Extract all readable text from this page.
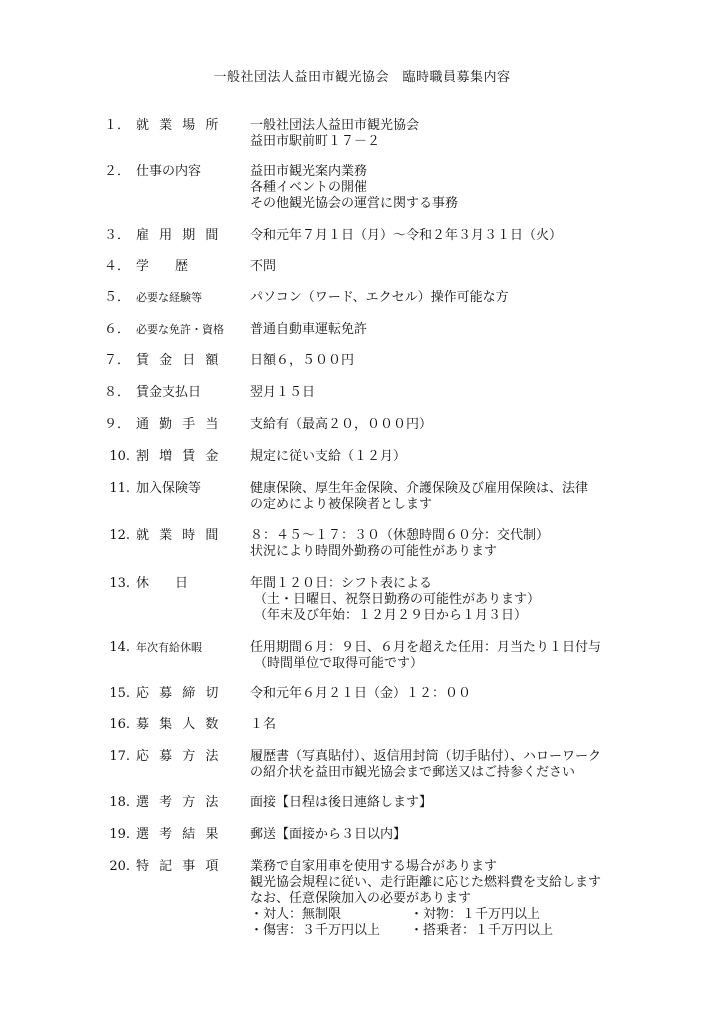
一般社団法人益田市観光協会　臨時職員募集内容
１． 就 業 場 所	一般社団法人益田市観光協会
益田市駅前町１７－２
２． 仕事の内容	益田市観光案内業務
各種イベントの開催
その他観光協会の運営に関する事務
３． 雇 用 期 間	令和元年７月１日（月）～令和２年３月３１日（火）
４． 学　　歴	不問
５． 必要な経験等	パソコン（ワード、エクセル）操作可能な方
６． 必要な免許・資格	普通自動車運転免許
７． 賃 金 日 額	日額６，５００円
８． 賃金支払日	翌月１５日
９． 通 勤 手 当	支給有（最高２０，０００円）
10. 割 増 賃 金	規定に従い支給（１２月）
11. 加入保険等	健康保険、厚生年金保険、介護保険及び雇用保険は、法律
の定めにより被保険者とします
12. 就 業 時 間	８：４５～１７：３０（休憩時間６０分：交代制）
状況により時間外勤務の可能性があります
13. 休　　日	年間１２０日：シフト表による
（土・日曜日、祝祭日勤務の可能性があります）
（年末及び年始：１２月２９日から１月３日）
14. 年次有給休暇	任用期間６月：９日、６月を超えた任用：月当たり１日付与
（時間単位で取得可能です）
15. 応 募 締 切	令和元年６月２１日（金）１２：００
16. 募 集 人 数	１名
17. 応 募 方 法	履歴書（写真貼付）、返信用封筒（切手貼付）、ハローワーク
の紹介状を益田市観光協会まで郵送又はご持参ください
18. 選 考 方 法	面接【日程は後日連絡します】
19. 選 考 結 果	郵送【面接から３日以内】
20. 特 記 事 項	業務で自家用車を使用する場合があります
観光協会規程に従い、走行距離に応じた燃料費を支給します
なお、任意保険加入の必要があります
・対人：無制限	・対物：１千万円以上
・傷害：３千万円以上	・搭乗者：１千万円以上
